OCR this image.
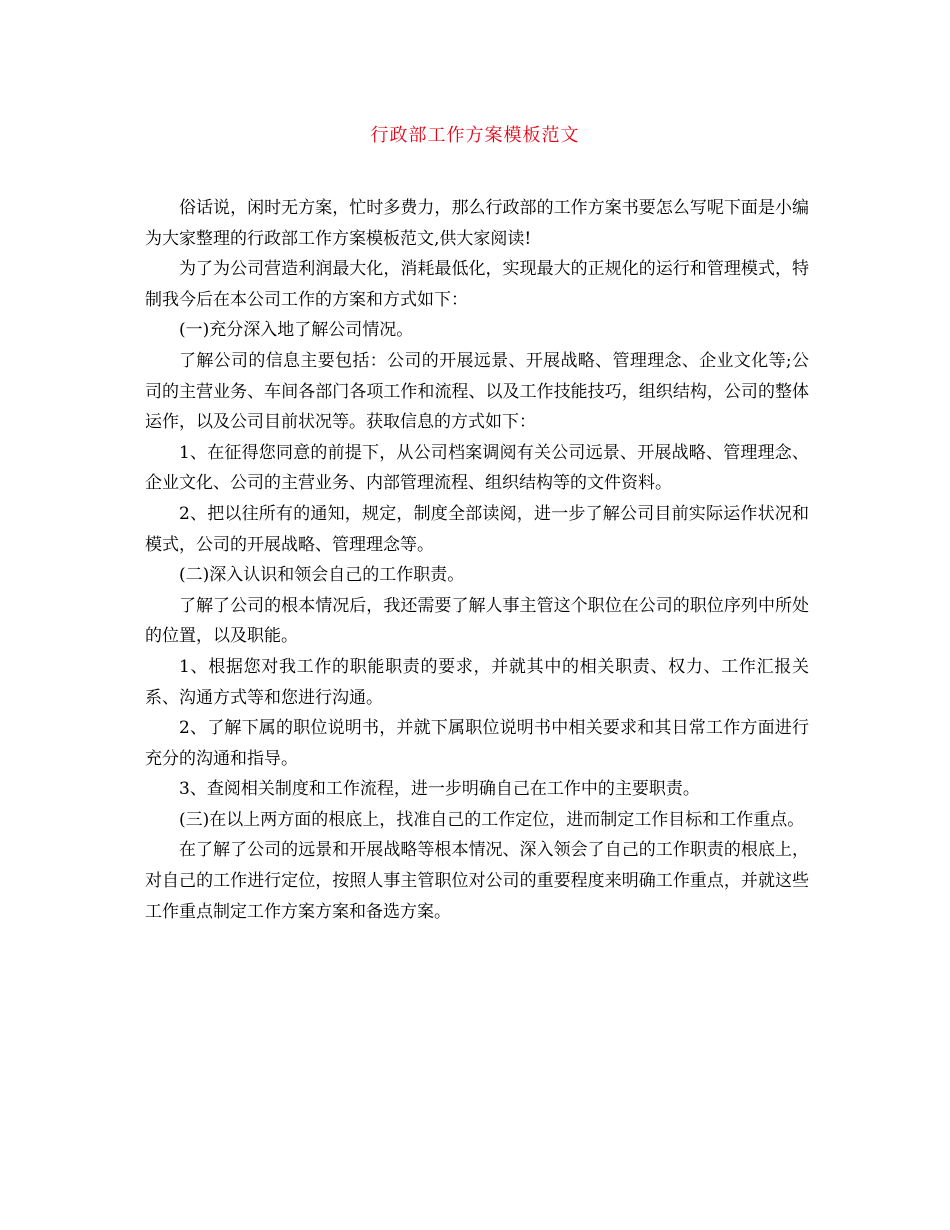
行政部工作方案模板范文

俗话说，闲时无方案，忙时多费力，那么行政部的工作方案书要怎么写呢下面是小编为大家整理的行政部工作方案模板范文,供大家阅读!

为了为公司营造利润最大化，消耗最低化，实现最大的正规化的运行和管理模式，特制我今后在本公司工作的方案和方式如下：

(一)充分深入地了解公司情况。

了解公司的信息主要包括：公司的开展远景、开展战略、管理理念、企业文化等;公司的主营业务、车间各部门各项工作和流程、以及工作技能技巧，组织结构，公司的整体运作，以及公司目前状况等。获取信息的方式如下：

1、在征得您同意的前提下，从公司档案调阅有关公司远景、开展战略、管理理念、 企业文化、公司的主营业务、内部管理流程、组织结构等的文件资料。

2、把以往所有的通知，规定，制度全部读阅，进一步了解公司目前实际运作状况和模式，公司的开展战略、管理理念等。

(二)深入认识和领会自己的工作职责。

了解了公司的根本情况后，我还需要了解人事主管这个职位在公司的职位序列中所处的位置，以及职能。

1、根据您对我工作的职能职责的要求，并就其中的相关职责、权力、工作汇报关系、沟通方式等和您进行沟通。

2、了解下属的职位说明书，并就下属职位说明书中相关要求和其日常工作方面进行充分的沟通和指导。

3、查阅相关制度和工作流程，进一步明确自己在工作中的主要职责。

(三)在以上两方面的根底上，找准自己的工作定位，进而制定工作目标和工作重点。

在了解了公司的远景和开展战略等根本情况、深入领会了自己的工作职责的根底上，对自己的工作进行定位，按照人事主管职位对公司的重要程度来明确工作重点，并就这些工作重点制定工作方案方案和备选方案。
